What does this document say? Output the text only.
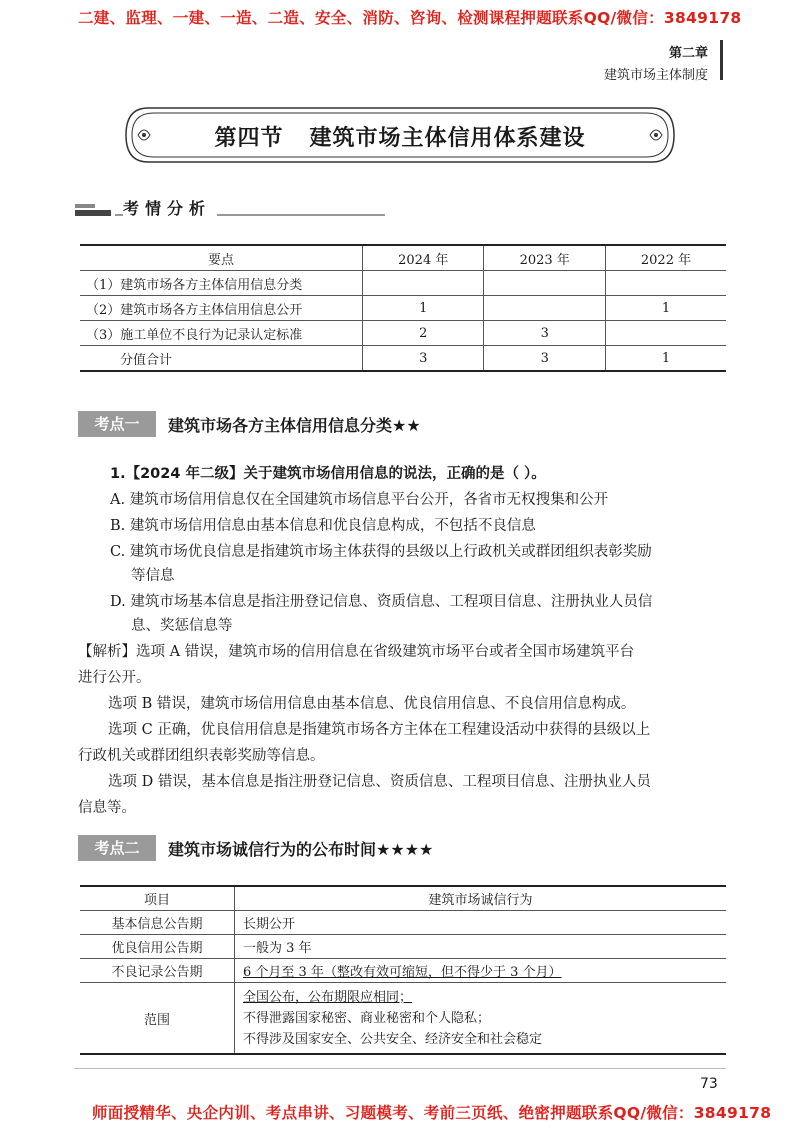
二建、监理、一建、一造、二造、安全、消防、咨询、检测课程押题联系QQ/微信：3849178
第二章
建筑市场主体制度
第四节   建筑市场主体信用体系建设
考情分析
要点	2024 年	2023 年	2022 年
（1）建筑市场各方主体信用信息分类			
（2）建筑市场各方主体信用信息公开	1		1
（3）施工单位不良行为记录认定标准	2	3	
分值合计	3	3	1
考点一	建筑市场各方主体信用信息分类★★
1.【2024 年二级】关于建筑市场信用信息的说法，正确的是（ ）。
A. 建筑市场信用信息仅在全国建筑市场信息平台公开，各省市无权搜集和公开
B. 建筑市场信用信息由基本信息和优良信息构成，不包括不良信息
C. 建筑市场优良信息是指建筑市场主体获得的县级以上行政机关或群团组织表彰奖励
等信息
D. 建筑市场基本信息是指注册登记信息、资质信息、工程项目信息、注册执业人员信
息、奖惩信息等
【解析】选项 A 错误，建筑市场的信用信息在省级建筑市场平台或者全国市场建筑平台
进行公开。
选项 B 错误，建筑市场信用信息由基本信息、优良信用信息、不良信用信息构成。
选项 C 正确，优良信用信息是指建筑市场各方主体在工程建设活动中获得的县级以上
行政机关或群团组织表彰奖励等信息。
选项 D 错误，基本信息是指注册登记信息、资质信息、工程项目信息、注册执业人员
信息等。
考点二	建筑市场诚信行为的公布时间★★★★
项目	建筑市场诚信行为
基本信息公告期	长期公开
优良信用公告期	一般为 3 年
不良记录公告期	6 个月至 3 年（整改有效可缩短，但不得少于 3 个月）
范围	全国公布，公布期限应相同；
不得泄露国家秘密、商业秘密和个人隐私；
不得涉及国家安全、公共安全、经济安全和社会稳定
73
师面授精华、央企内训、考点串讲、习题模考、考前三页纸、绝密押题联系QQ/微信：3849178
